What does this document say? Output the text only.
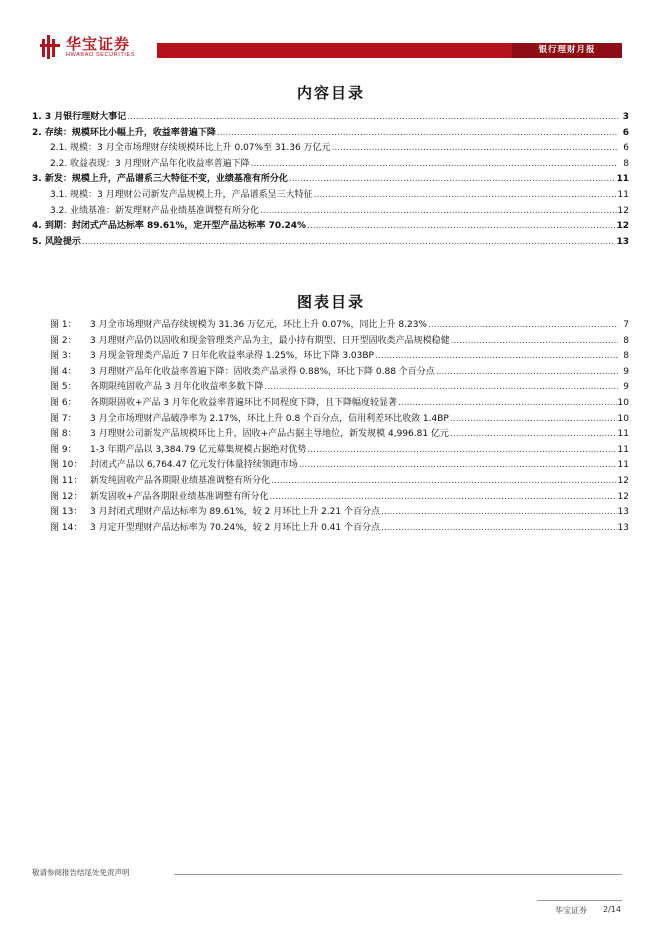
华宝证券
HWABAO SECURITIES	银行理财月报
内容目录
1. 3 月银行理财大事记 .....	3
2. 存续：规模环比小幅上升，收益率普遍下降 .....	6
2.1. 规模：3 月全市场理财存续规模环比上升 0.07%至 31.36 万亿元 .....	6
2.2. 收益表现：3 月理财产品年化收益率普遍下降 .....	8
3. 新发：规模上升，产品谱系三大特征不变，业绩基准有所分化 .....	11
3.1. 规模：3 月理财公司新发产品规模上升，产品谱系呈三大特征 .....	11
3.2. 业绩基准：新发理财产品业绩基准调整有所分化 .....	12
4. 到期：封闭式产品达标率 89.61%，定开型产品达标率 70.24% .....	12
5. 风险提示 .....	13
图表目录
图 1：	3 月全市场理财产品存续规模为 31.36 万亿元，环比上升 0.07%，同比上升 8.23% .....	7
图 2：	3 月理财产品仍以固收和现金管理类产品为主，最小持有期型、日开型固收类产品规模稳健 .....	8
图 3：	3 月现金管理类产品近 7 日年化收益率录得 1.25%，环比下降 3.03BP .....	8
图 4：	3 月理财产品年化收益率普遍下降：固收类产品录得 0.88%，环比下降 0.88 个百分点 .....	9
图 5：	各期限纯固收产品 3 月年化收益率多数下降 .....	9
图 6：	各期限固收+产品 3 月年化收益率普遍环比不同程度下降，且下降幅度较显著 .....	10
图 7：	3 月全市场理财产品破净率为 2.17%，环比上升 0.8 个百分点，信用利差环比收敛 1.4BP .....	10
图 8：	3 月理财公司新发产品规模环比上升，固收+产品占据主导地位，新发规模 4,996.81 亿元 .....	11
图 9：	1-3 年期产品以 3,384.79 亿元募集规模占据绝对优势 .....	11
图 10： 封闭式产品以 6,764.47 亿元发行体量持续领跑市场 .....	11
图 11： 新发纯固收产品各期限业绩基准调整有所分化 .....	12
图 12： 新发固收+产品各期限业绩基准调整有所分化 .....	12
图 13： 3 月封闭式理财产品达标率为 89.61%，较 2 月环比上升 2.21 个百分点 .....	13
图 14： 3 月定开型理财产品达标率为 70.24%，较 2 月环比上升 0.41 个百分点 .....	13
敬请参阅报告结尾处免责声明
华宝证券 2/14
